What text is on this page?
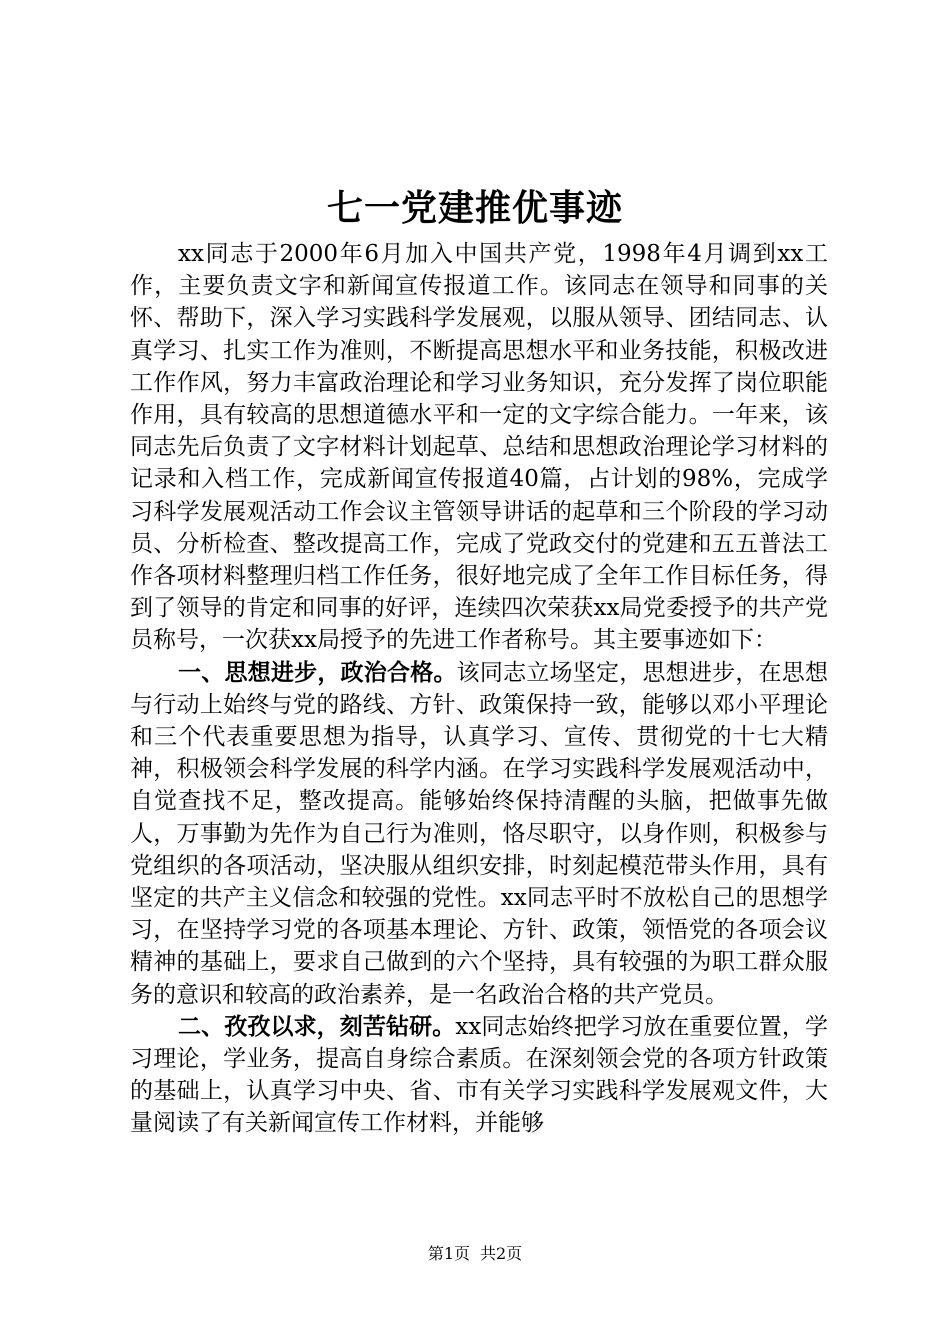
七一党建推优事迹

xx同志于2000年6月加入中国共产党，1998年4月调到xx工作，主要负责文字和新闻宣传报道工作。该同志在领导和同事的关怀、帮助下，深入学习实践科学发展观，以服从领导、团结同志、认真学习、扎实工作为准则，不断提高思想水平和业务技能，积极改进工作作风，努力丰富政治理论和学习业务知识，充分发挥了岗位职能作用，具有较高的思想道德水平和一定的文字综合能力。一年来，该同志先后负责了文字材料计划起草、总结和思想政治理论学习材料的记录和入档工作，完成新闻宣传报道40篇，占计划的98%，完成学习科学发展观活动工作会议主管领导讲话的起草和三个阶段的学习动员、分析检查、整改提高工作，完成了党政交付的党建和五五普法工作各项材料整理归档工作任务，很好地完成了全年工作目标任务，得到了领导的肯定和同事的好评，连续四次荣获xx局党委授予的共产党员称号，一次获xx局授予的先进工作者称号。其主要事迹如下：

一、思想进步，政治合格。该同志立场坚定，思想进步，在思想与行动上始终与党的路线、方针、政策保持一致，能够以邓小平理论和三个代表重要思想为指导，认真学习、宣传、贯彻党的十七大精神，积极领会科学发展的科学内涵。在学习实践科学发展观活动中，自觉查找不足，整改提高。能够始终保持清醒的头脑，把做事先做人，万事勤为先作为自己行为准则，恪尽职守，以身作则，积极参与党组织的各项活动，坚决服从组织安排，时刻起模范带头作用，具有坚定的共产主义信念和较强的党性。xx同志平时不放松自己的思想学习，在坚持学习党的各项基本理论、方针、政策，领悟党的各项会议精神的基础上，要求自己做到的六个坚持，具有较强的为职工群众服务的意识和较高的政治素养，是一名政治合格的共产党员。

二、孜孜以求，刻苦钻研。xx同志始终把学习放在重要位置，学习理论，学业务，提高自身综合素质。在深刻领会党的各项方针政策的基础上，认真学习中央、省、市有关学习实践科学发展观文件，大量阅读了有关新闻宣传工作材料，并能够

第1页 共2页
